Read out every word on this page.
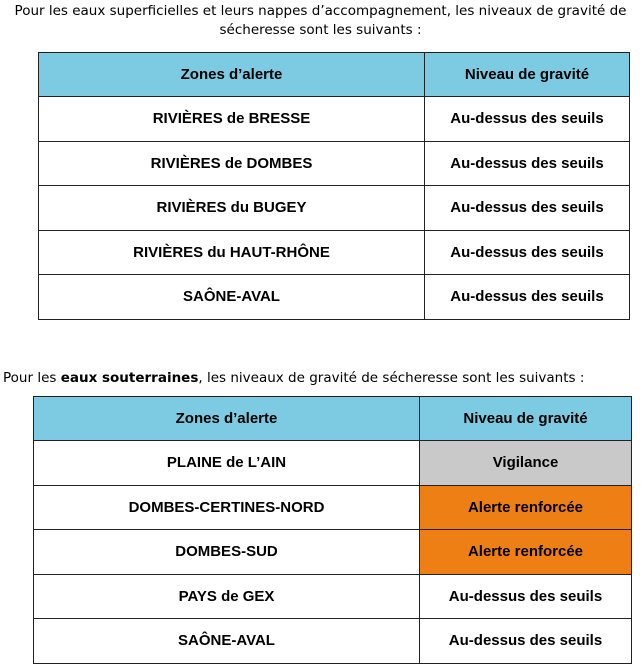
Pour les eaux superficielles et leurs nappes d’accompagnement, les niveaux de gravité de sécheresse sont les suivants :
Zones d’alerte	Niveau de gravité
RIVIÈRES de BRESSE	Au-dessus des seuils
RIVIÈRES de DOMBES	Au-dessus des seuils
RIVIÈRES du BUGEY	Au-dessus des seuils
RIVIÈRES du HAUT-RHÔNE	Au-dessus des seuils
SAÔNE-AVAL	Au-dessus des seuils
Pour les eaux souterraines, les niveaux de gravité de sécheresse sont les suivants :
Zones d’alerte	Niveau de gravité
PLAINE de L’AIN	Vigilance
DOMBES-CERTINES-NORD	Alerte renforcée
DOMBES-SUD	Alerte renforcée
PAYS de GEX	Au-dessus des seuils
SAÔNE-AVAL	Au-dessus des seuils
